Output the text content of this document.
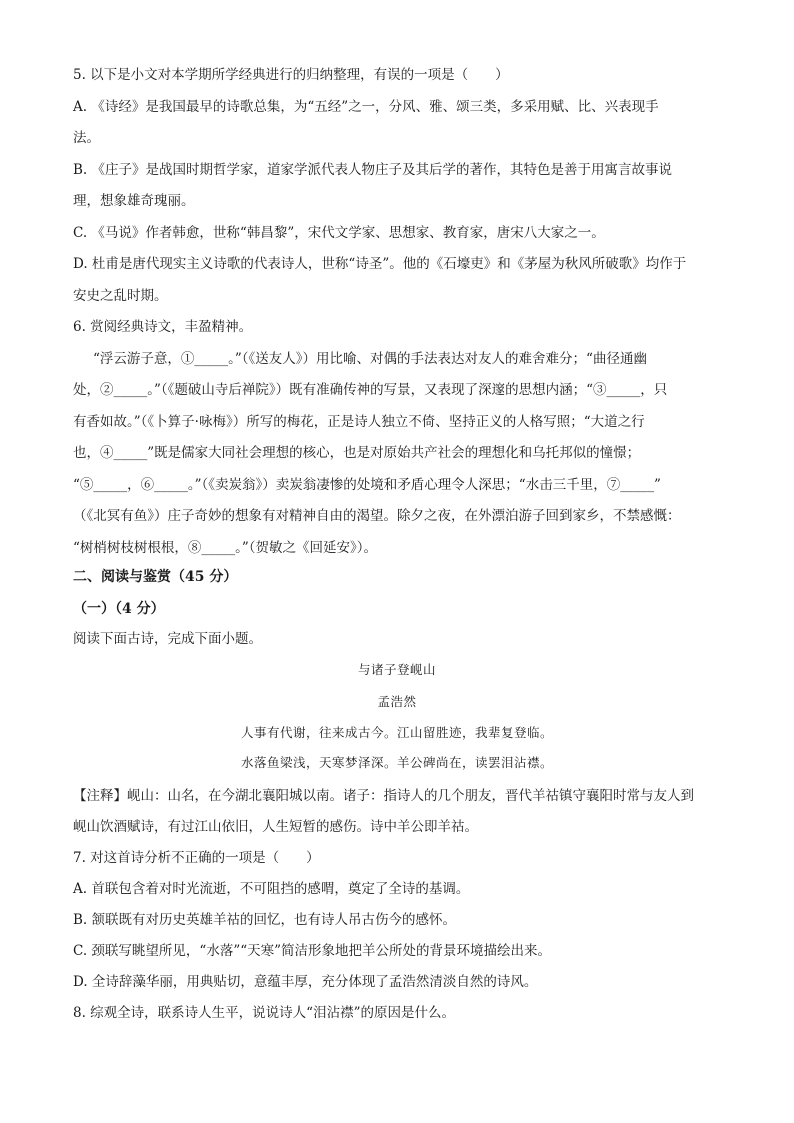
5. 以下是小文对本学期所学经典进行的归纳整理，有误的一项是（　　）
A. 《诗经》是我国最早的诗歌总集，为“五经”之一，分风、雅、颂三类，多采用赋、比、兴表现手
法。
B. 《庄子》是战国时期哲学家，道家学派代表人物庄子及其后学的著作，其特色是善于用寓言故事说
理，想象雄奇瑰丽。
C. 《马说》作者韩愈，世称“韩昌黎”，宋代文学家、思想家、教育家，唐宋八大家之一。
D. 杜甫是唐代现实主义诗歌的代表诗人，世称“诗圣”。他的《石壕吏》和《茅屋为秋风所破歌》均作于
安史之乱时期。
6. 赏阅经典诗文，丰盈精神。
“浮云游子意，①_____。”（《送友人》）用比喻、对偶的手法表达对友人的难舍难分；“曲径通幽
处，②_____。”（《题破山寺后禅院》）既有准确传神的写景，又表现了深邃的思想内涵；“③_____，只
有香如故。”（《卜算子·咏梅》）所写的梅花，正是诗人独立不倚、坚持正义的人格写照；“大道之行
也，④_____”既是儒家大同社会理想的核心，也是对原始共产社会的理想化和乌托邦似的憧憬；
“⑤_____，⑥_____。”（《卖炭翁》）卖炭翁凄惨的处境和矛盾心理令人深思；“水击三千里，⑦_____”
（《北冥有鱼》）庄子奇妙的想象有对精神自由的渴望。除夕之夜，在外漂泊游子回到家乡，不禁感慨：
“树梢树枝树根根，⑧_____。”（贺敏之《回延安》）。
二、阅读与鉴赏（45 分）
（一）（4 分）
阅读下面古诗，完成下面小题。
与诸子登岘山
孟浩然
人事有代谢，往来成古今。江山留胜迹，我辈复登临。
水落鱼梁浅，天寒梦泽深。羊公碑尚在，读罢泪沾襟。
【注释】岘山：山名，在今湖北襄阳城以南。诸子：指诗人的几个朋友，晋代羊祜镇守襄阳时常与友人到
岘山饮酒赋诗，有过江山依旧，人生短暂的感伤。诗中羊公即羊祜。
7. 对这首诗分析不正确的一项是（　　）
A. 首联包含着对时光流逝，不可阻挡的感喟，奠定了全诗的基调。
B. 颔联既有对历史英雄羊祜的回忆，也有诗人吊古伤今的感怀。
C. 颈联写眺望所见，“水落”“天寒”简洁形象地把羊公所处的背景环境描绘出来。
D. 全诗辞藻华丽，用典贴切，意蕴丰厚，充分体现了孟浩然清淡自然的诗风。
8. 综观全诗，联系诗人生平，说说诗人“泪沾襟”的原因是什么。
